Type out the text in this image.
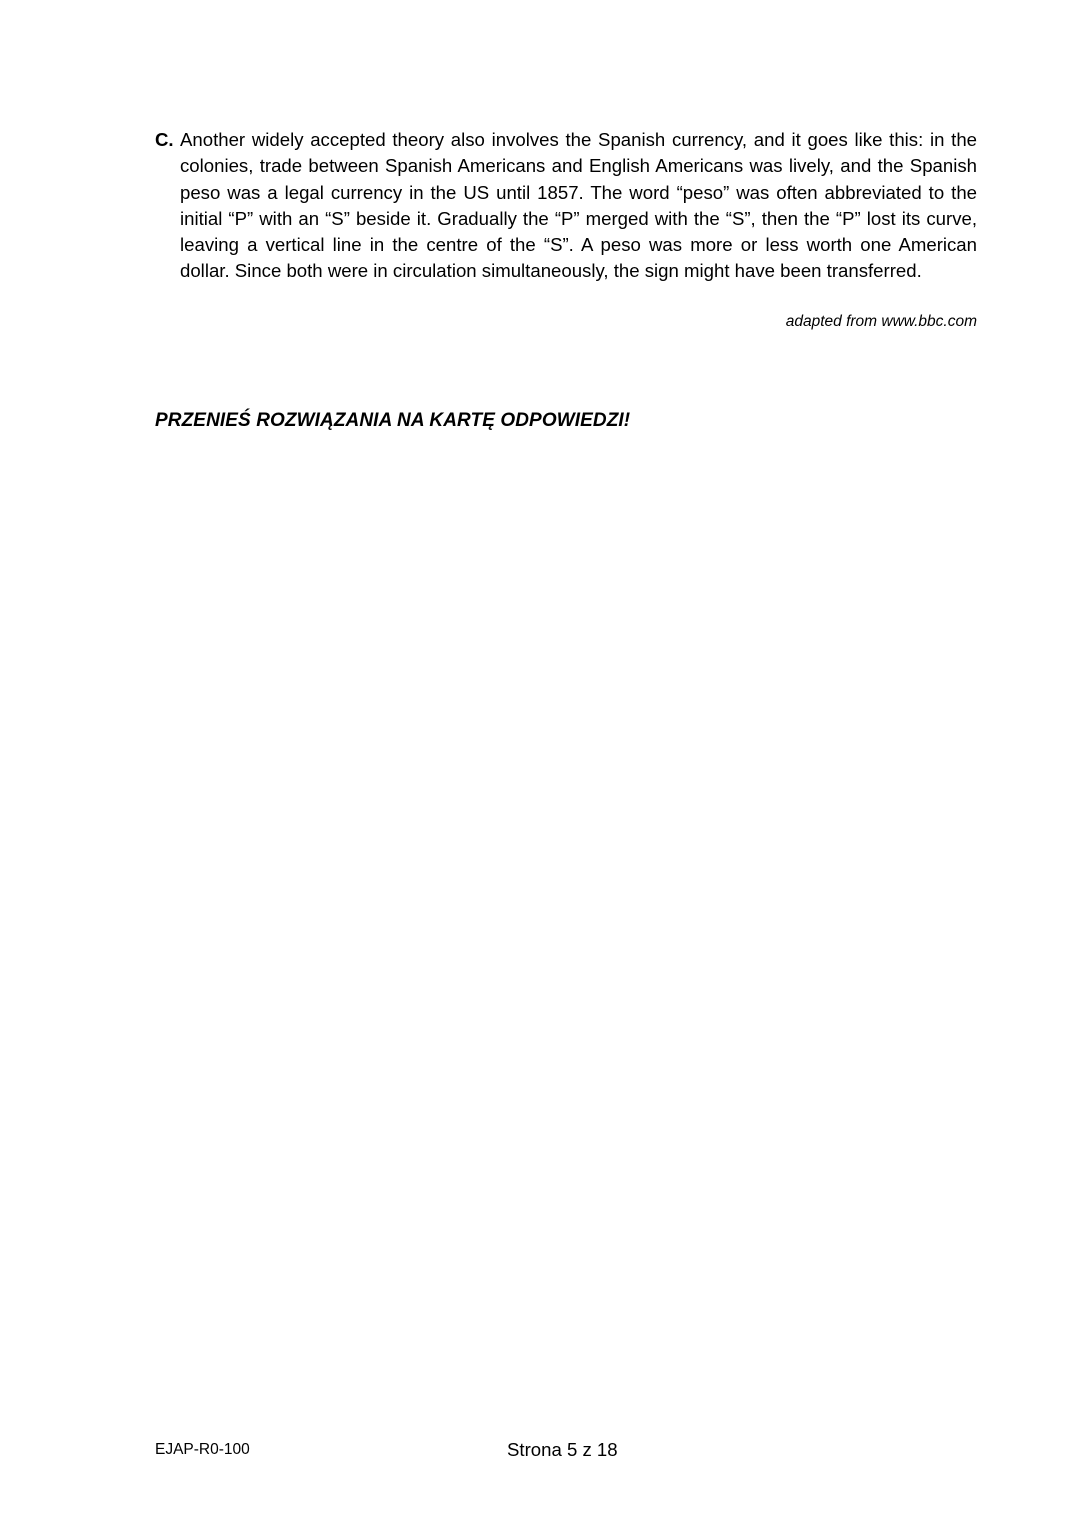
C. Another widely accepted theory also involves the Spanish currency, and it goes like this: in the colonies, trade between Spanish Americans and English Americans was lively, and the Spanish peso was a legal currency in the US until 1857. The word “peso” was often abbreviated to the initial “P” with an “S” beside it. Gradually the “P” merged with the “S”, then the “P” lost its curve, leaving a vertical line in the centre of the “S”. A peso was more or less worth one American dollar. Since both were in circulation simultaneously, the sign might have been transferred.

adapted from www.bbc.com

PRZENIEŚ ROZWIĄZANIA NA KARTĘ ODPOWIEDZI!

EJAP-R0-100	Strona 5 z 18
